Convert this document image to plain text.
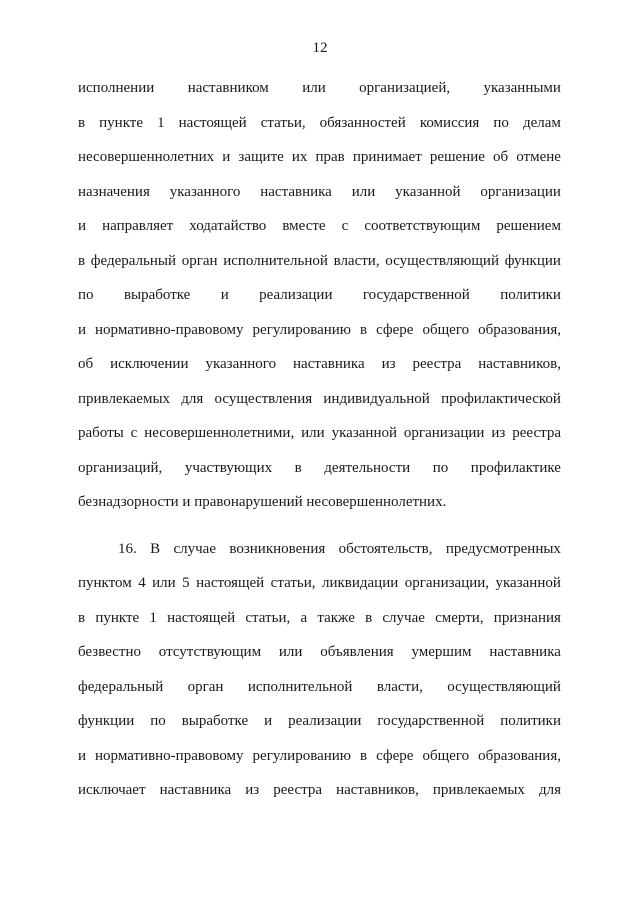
12
исполнении наставником или организацией, указанными
в пункте 1 настоящей статьи, обязанностей комиссия по делам
несовершеннолетних и защите их прав принимает решение об отмене
назначения указанного наставника или указанной организации
и направляет ходатайство вместе с соответствующим решением
в федеральный орган исполнительной власти, осуществляющий функции
по выработке и реализации государственной политики
и нормативно-правовому регулированию в сфере общего образования,
об исключении указанного наставника из реестра наставников,
привлекаемых для осуществления индивидуальной профилактической
работы с несовершеннолетними, или указанной организации из реестра
организаций, участвующих в деятельности по профилактике
безнадзорности и правонарушений несовершеннолетних.
16. В случае возникновения обстоятельств, предусмотренных
пунктом 4 или 5 настоящей статьи, ликвидации организации, указанной
в пункте 1 настоящей статьи, а также в случае смерти, признания
безвестно отсутствующим или объявления умершим наставника
федеральный орган исполнительной власти, осуществляющий
функции по выработке и реализации государственной политики
и нормативно-правовому регулированию в сфере общего образования,
исключает наставника из реестра наставников, привлекаемых для
